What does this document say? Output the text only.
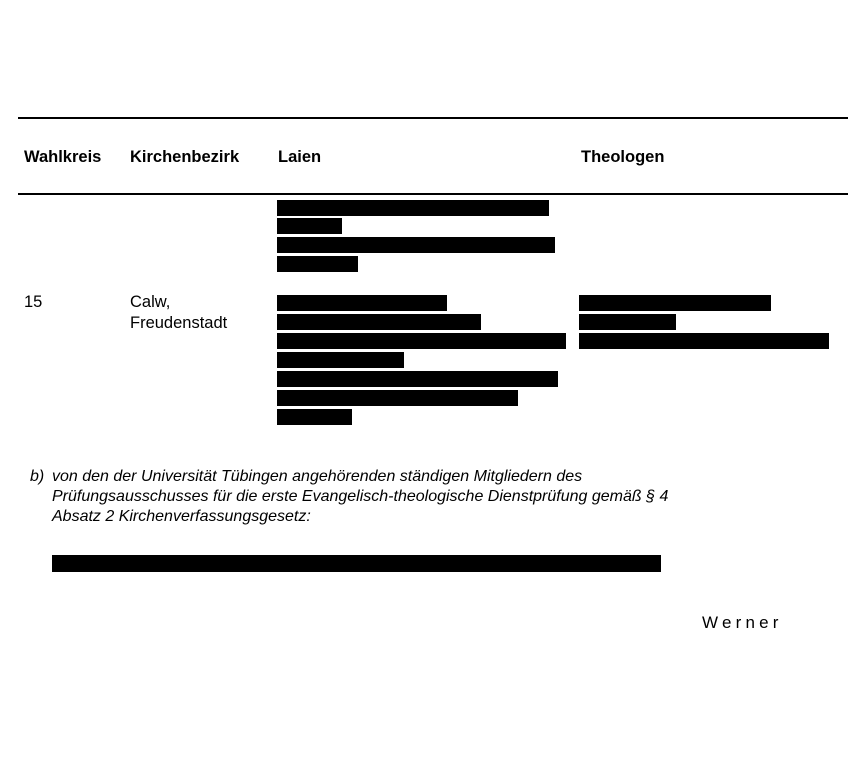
Wahlkreis Kirchenbezirk Laien	Theologen
15	Calw,
Freudenstadt
b) von den der Universität Tübingen angehörenden ständigen Mitgliedern des
Prüfungsausschusses für die erste Evangelisch-theologische Dienstprüfung gemäß § 4
Absatz 2 Kirchenverfassungsgesetz:
Werner
